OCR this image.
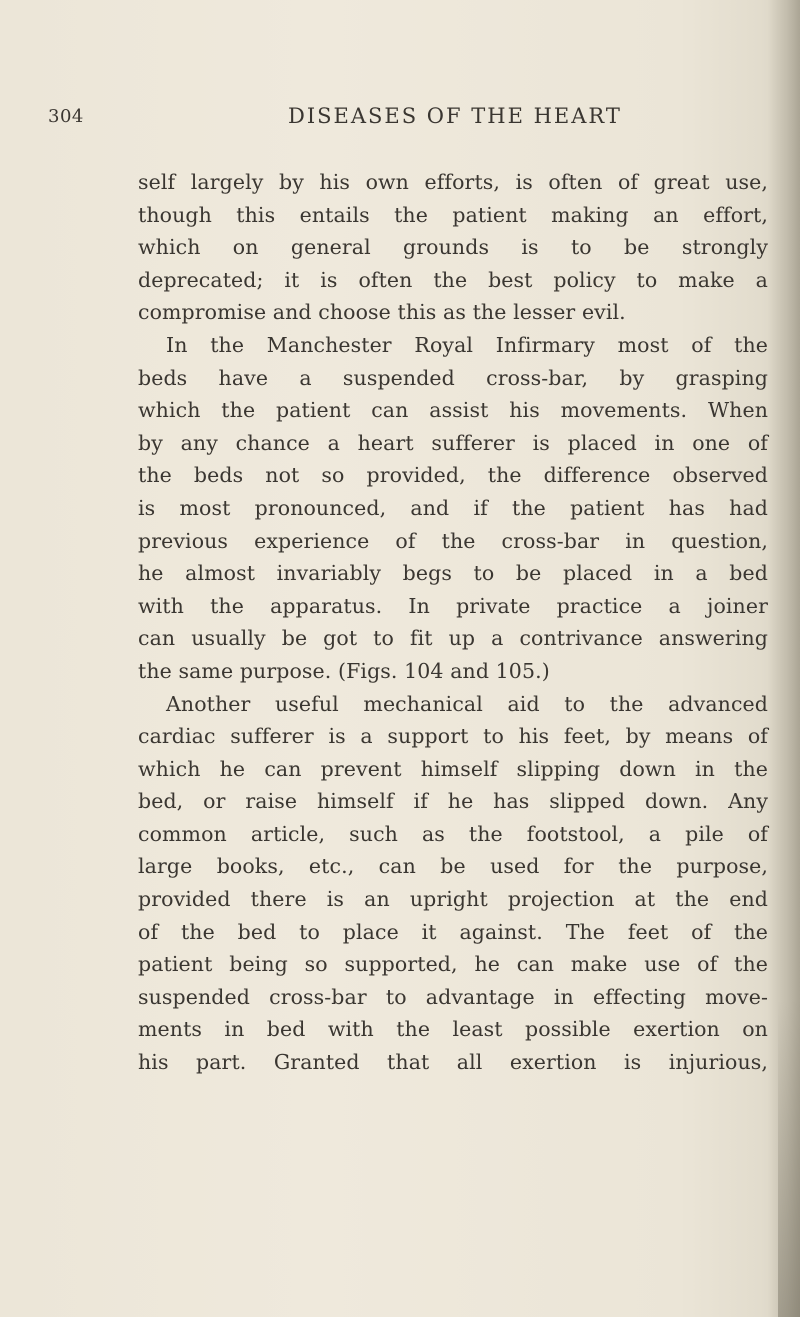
304	DISEASES OF THE HEART
self largely by his own efforts, is often of great use,
though this entails the patient making an effort,
which on general grounds is to be strongly
deprecated; it is often the best policy to make a
compromise and choose this as the lesser evil.
In the Manchester Royal Infirmary most of the
beds have a suspended cross-bar, by grasping
which the patient can assist his movements. When
by any chance a heart sufferer is placed in one of
the beds not so provided, the difference observed
is most pronounced, and if the patient has had
previous experience of the cross-bar in question,
he almost invariably begs to be placed in a bed
with the apparatus. In private practice a joiner
can usually be got to fit up a contrivance answering
the same purpose. (Figs. 104 and 105.)
Another useful mechanical aid to the advanced
cardiac sufferer is a support to his feet, by means of
which he can prevent himself slipping down in the
bed, or raise himself if he has slipped down. Any
common article, such as the footstool, a pile of
large books, etc., can be used for the purpose,
provided there is an upright projection at the end
of the bed to place it against. The feet of the
patient being so supported, he can make use of the
suspended cross-bar to advantage in effecting move-
ments in bed with the least possible exertion on
his part. Granted that all exertion is injurious,
